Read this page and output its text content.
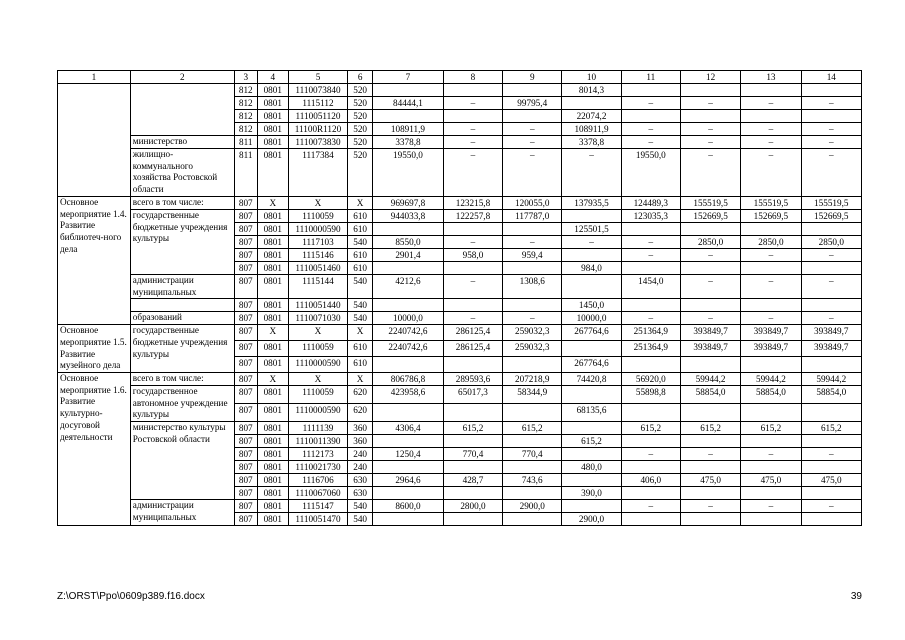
1	2	3	4	5	6	7	8	9	10	11	12	13	14
		812	0801	1110073840	520				8014,3				
		812	0801	1115112	520	84444,1	–	99795,4		–	–	–	–
		812	0801	1110051120	520				22074,2				
		812	0801	11100R1120	520	108911,9	–	–	108911,9	–	–	–	–
	министерство	811	0801	1110073830	520	3378,8	–	–	3378,8	–	–	–	–
	жилищно-коммунального хозяйства Ростовской области	811	0801	1117384	520	19550,0	–	–	–	19550,0	–	–	–
Основное мероприятие 1.4. Развитие библиотеч-ного дела	всего в том числе:	807	Х	Х	Х	969697,8	123215,8	120055,0	137935,5	124489,3	155519,5	155519,5	155519,5
	государственные бюджетные учреждения культуры	807	0801	1110059	610	944033,8	122257,8	117787,0		123035,3	152669,5	152669,5	152669,5
		807	0801	1110000590	610				125501,5				
		807	0801	1117103	540	8550,0	–	–	–	–	2850,0	2850,0	2850,0
		807	0801	1115146	610	2901,4	958,0	959,4		–	–	–	–
		807	0801	1110051460	610				984,0				
	администрации муниципальных	807	0801	1115144	540	4212,6	–	1308,6		1454,0	–	–	–
		807	0801	1110051440	540				1450,0				
	образований	807	0801	1110071030	540	10000,0	–	–	10000,0	–	–	–	–
Основное мероприятие 1.5. Развитие музейного дела	государственные бюджетные учреждения культуры	807	Х	Х	Х	2240742,6	286125,4	259032,3	267764,6	251364,9	393849,7	393849,7	393849,7
		807	0801	1110059	610	2240742,6	286125,4	259032,3		251364,9	393849,7	393849,7	393849,7
		807	0801	1110000590	610				267764,6				
Основное мероприятие 1.6. Развитие культурно-досуговой деятельности	всего в том числе:	807	Х	Х	Х	806786,8	289593,6	207218,9	74420,8	56920,0	59944,2	59944,2	59944,2
	государственное автономное учреждение культуры	807	0801	1110059	620	423958,6	65017,3	58344,9		55898,8	58854,0	58854,0	58854,0
		807	0801	1110000590	620				68135,6				
	министерство культуры Ростовской области	807	0801	1111139	360	4306,4	615,2	615,2		615,2	615,2	615,2	615,2
		807	0801	1110011390	360				615,2				
		807	0801	1112173	240	1250,4	770,4	770,4		–	–	–	–
		807	0801	1110021730	240				480,0				
		807	0801	1116706	630	2964,6	428,7	743,6		406,0	475,0	475,0	475,0
		807	0801	1110067060	630				390,0				
	администрации муниципальных	807	0801	1115147	540	8600,0	2800,0	2900,0		–	–	–	–
		807	0801	1110051470	540				2900,0				
Z:\ORST\Ppo\0609p389.f16.docx	39
